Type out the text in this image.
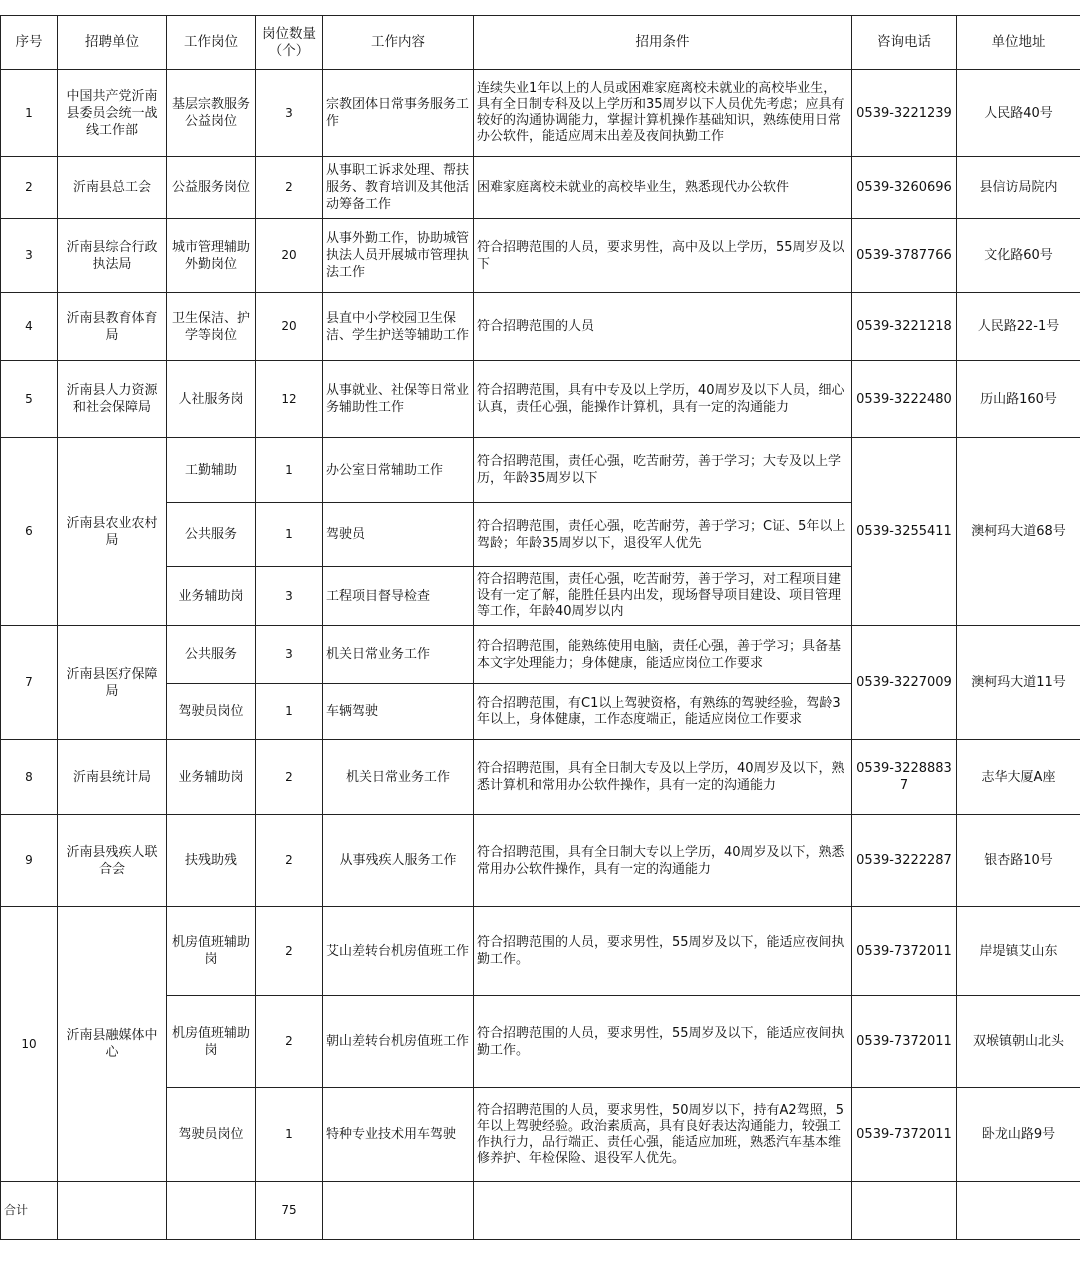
序号	招聘单位	工作岗位	岗位数量（个）	工作内容	招用条件	咨询电话	单位地址
1	中国共产党沂南县委员会统一战线工作部	基层宗教服务公益岗位	3	宗教团体日常事务服务工作	连续失业1年以上的人员或困难家庭离校未就业的高校毕业生，具有全日制专科及以上学历和35周岁以下人员优先考虑；应具有较好的沟通协调能力，掌握计算机操作基础知识，熟练使用日常办公软件，能适应周末出差及夜间执勤工作	0539-3221239	人民路40号
2	沂南县总工会	公益服务岗位	2	从事职工诉求处理、帮扶服务、教育培训及其他活动筹备工作	困难家庭离校未就业的高校毕业生，熟悉现代办公软件	0539-3260696	县信访局院内
3	沂南县综合行政执法局	城市管理辅助外勤岗位	20	从事外勤工作，协助城管执法人员开展城市管理执法工作	符合招聘范围的人员，要求男性，高中及以上学历，55周岁及以下	0539-3787766	文化路60号
4	沂南县教育体育局	卫生保洁、护学等岗位	20	县直中小学校园卫生保洁、学生护送等辅助工作	符合招聘范围的人员	0539-3221218	人民路22-1号
5	沂南县人力资源和社会保障局	人社服务岗	12	从事就业、社保等日常业务辅助性工作	符合招聘范围，具有中专及以上学历，40周岁及以下人员，细心认真，责任心强，能操作计算机，具有一定的沟通能力	0539-3222480	历山路160号
6	沂南县农业农村局	工勤辅助	1	办公室日常辅助工作	符合招聘范围，责任心强，吃苦耐劳，善于学习；大专及以上学历，年龄35周岁以下	0539-3255411	澳柯玛大道68号
		公共服务	1	驾驶员	符合招聘范围，责任心强，吃苦耐劳，善于学习；C证、5年以上驾龄；年龄35周岁以下，退役军人优先		
		业务辅助岗	3	工程项目督导检查	符合招聘范围，责任心强，吃苦耐劳，善于学习，对工程项目建设有一定了解，能胜任县内出发，现场督导项目建设、项目管理等工作，年龄40周岁以内		
7	沂南县医疗保障局	公共服务	3	机关日常业务工作	符合招聘范围，能熟练使用电脑，责任心强，善于学习；具备基本文字处理能力；身体健康，能适应岗位工作要求	0539-3227009	澳柯玛大道11号
		驾驶员岗位	1	车辆驾驶	符合招聘范围，有C1以上驾驶资格，有熟练的驾驶经验，驾龄3年以上，身体健康，工作态度端正，能适应岗位工作要求		
8	沂南县统计局	业务辅助岗	2	机关日常业务工作	符合招聘范围，具有全日制大专及以上学历，40周岁及以下，熟悉计算机和常用办公软件操作，具有一定的沟通能力	0539-32288837	志华大厦A座
9	沂南县残疾人联合会	扶残助残	2	从事残疾人服务工作	符合招聘范围，具有全日制大专以上学历，40周岁及以下，熟悉常用办公软件操作，具有一定的沟通能力	0539-3222287	银杏路10号
10	沂南县融媒体中心	机房值班辅助岗	2	艾山差转台机房值班工作	符合招聘范围的人员，要求男性，55周岁及以下，能适应夜间执勤工作。	0539-7372011	岸堤镇艾山东
		机房值班辅助岗	2	朝山差转台机房值班工作	符合招聘范围的人员，要求男性，55周岁及以下，能适应夜间执勤工作。	0539-7372011	双堠镇朝山北头
		驾驶员岗位	1	特种专业技术用车驾驶	符合招聘范围的人员，要求男性，50周岁以下，持有A2驾照，5年以上驾驶经验。政治素质高，具有良好表达沟通能力，较强工作执行力，品行端正、责任心强，能适应加班，熟悉汽车基本维修养护、年检保险、退役军人优先。	0539-7372011	卧龙山路9号
合计			75				
